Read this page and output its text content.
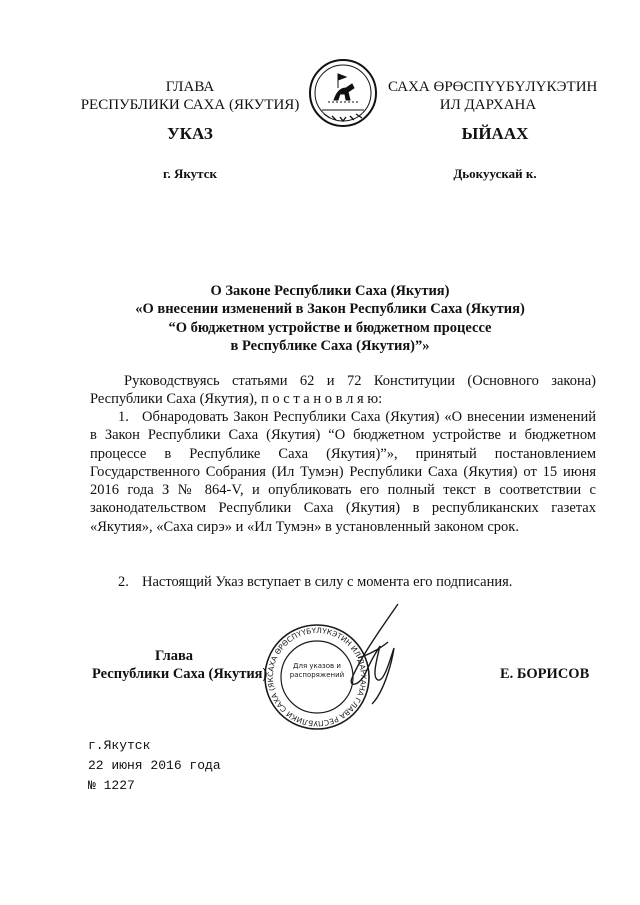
ГЛАВА
РЕСПУБЛИКИ САХА (ЯКУТИЯ)
САХА ӨРӨСПҮҮБҮЛҮКЭТИН
ИЛ ДАРХАНА
УКАЗ	ЫЙААХ
г. Якутск	Дьокуускай к.
О Законе Республики Саха (Якутия)
«О внесении изменений в Закон Республики Саха (Якутия)
“О бюджетном устройстве и бюджетном процессе
в Республике Саха (Якутия)”»
Руководствуясь статьями 62 и 72 Конституции (Основного закона) Республики Саха (Якутия), п о с т а н о в л я ю:
1. Обнародовать Закон Республики Саха (Якутия) «О внесении изменений в Закон Республики Саха (Якутия) “О бюджетном устройстве и бюджетном процессе в Республике Саха (Якутия)”», принятый постановлением Государственного Собрания (Ил Тумэн) Республики Саха (Якутия) от 15 июня 2016 года З № 864-V, и опубликовать его полный текст в соответствии с законодательством Республики Саха (Якутия) в республиканских газетах «Якутия», «Саха сирэ» и «Ил Тумэн» в установленный законом срок.
2. Настоящий Указ вступает в силу с момента его подписания.
САХА ӨРӨСПҮҮБҮЛҮКЭТИН ИЛ ДАРХАНА ГЛАВА РЕСПУБЛИКИ САХА (ЯК
Для указов и распоряжений
Глава
Республики Саха (Якутия)	Е. БОРИСОВ
г.Якутск
22 июня 2016 года
№ 1227
